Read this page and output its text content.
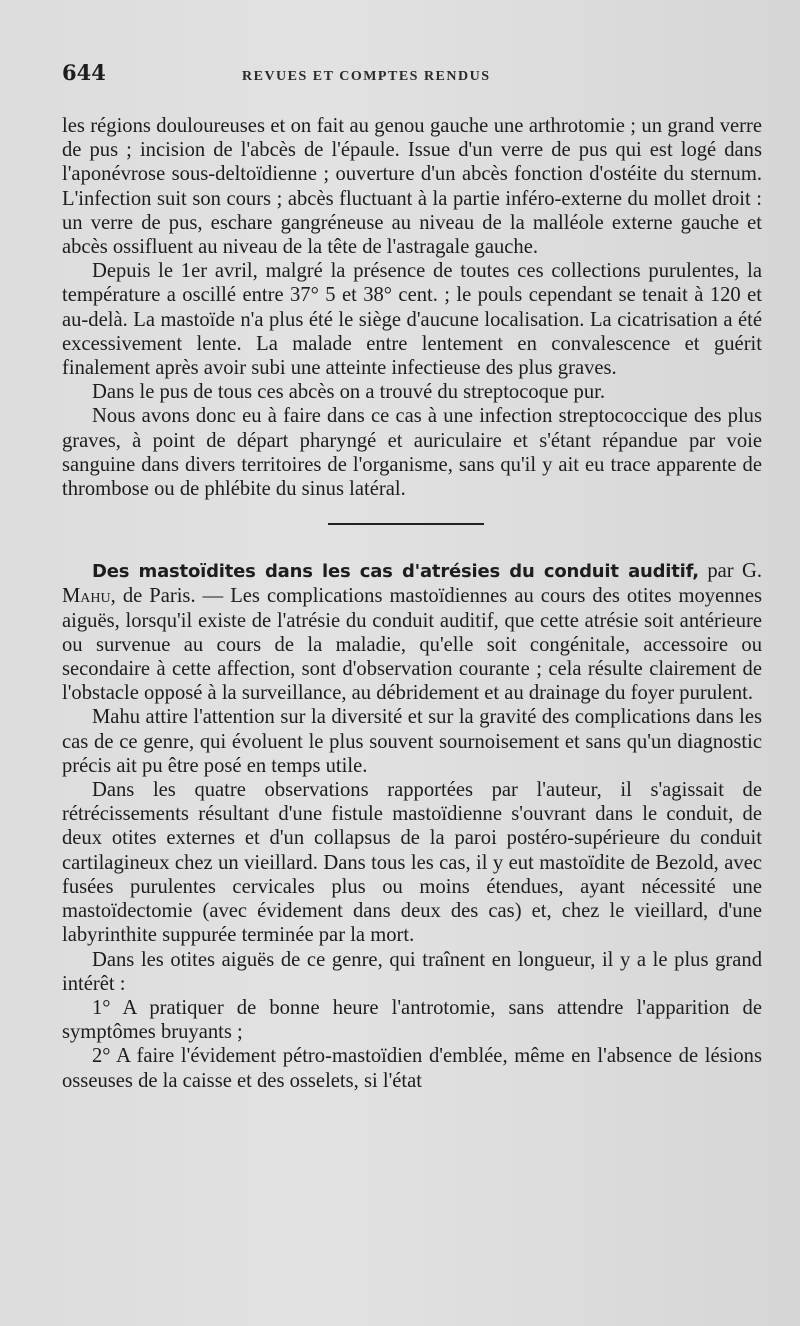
644	REVUES ET COMPTES RENDUS

les régions douloureuses et on fait au genou gauche une arthrotomie ; un grand verre de pus ; incision de l'abcès de l'épaule. Issue d'un verre de pus qui est logé dans l'aponévrose sous-deltoïdienne ; ouverture d'un abcès fonction d'ostéite du sternum. L'infection suit son cours ; abcès fluctuant à la partie inféro-externe du mollet droit : un verre de pus, eschare gangréneuse au niveau de la malléole externe gauche et abcès ossifluent au niveau de la tête de l'astragale gauche.

Depuis le 1er avril, malgré la présence de toutes ces collections purulentes, la température a oscillé entre 37° 5 et 38° cent. ; le pouls cependant se tenait à 120 et au-delà. La mastoïde n'a plus été le siège d'aucune localisation. La cicatrisation a été excessivement lente. La malade entre lentement en convalescence et guérit finalement après avoir subi une atteinte infectieuse des plus graves.

Dans le pus de tous ces abcès on a trouvé du streptocoque pur.

Nous avons donc eu à faire dans ce cas à une infection streptococcique des plus graves, à point de départ pharyngé et auriculaire et s'étant répandue par voie sanguine dans divers territoires de l'organisme, sans qu'il y ait eu trace apparente de thrombose ou de phlébite du sinus latéral.

Des mastoïdites dans les cas d'atrésies du conduit auditif, par G. Mahu, de Paris. — Les complications mastoïdiennes au cours des otites moyennes aiguës, lorsqu'il existe de l'atrésie du conduit auditif, que cette atrésie soit antérieure ou survenue au cours de la maladie, qu'elle soit congénitale, accessoire ou secondaire à cette affection, sont d'observation courante ; cela résulte clairement de l'obstacle opposé à la surveillance, au débridement et au drainage du foyer purulent.

Mahu attire l'attention sur la diversité et sur la gravité des complications dans les cas de ce genre, qui évoluent le plus souvent sournoisement et sans qu'un diagnostic précis ait pu être posé en temps utile.

Dans les quatre observations rapportées par l'auteur, il s'agissait de rétrécissements résultant d'une fistule mastoïdienne s'ouvrant dans le conduit, de deux otites externes et d'un collapsus de la paroi postéro-supérieure du conduit cartilagineux chez un vieillard. Dans tous les cas, il y eut mastoïdite de Bezold, avec fusées purulentes cervicales plus ou moins étendues, ayant nécessité une mastoïdectomie (avec évidement dans deux des cas) et, chez le vieillard, d'une labyrinthite suppurée terminée par la mort.

Dans les otites aiguës de ce genre, qui traînent en longueur, il y a le plus grand intérêt :

1° A pratiquer de bonne heure l'antrotomie, sans attendre l'apparition de symptômes bruyants ;

2° A faire l'évidement pétro-mastoïdien d'emblée, même en l'absence de lésions osseuses de la caisse et des osselets, si l'état
